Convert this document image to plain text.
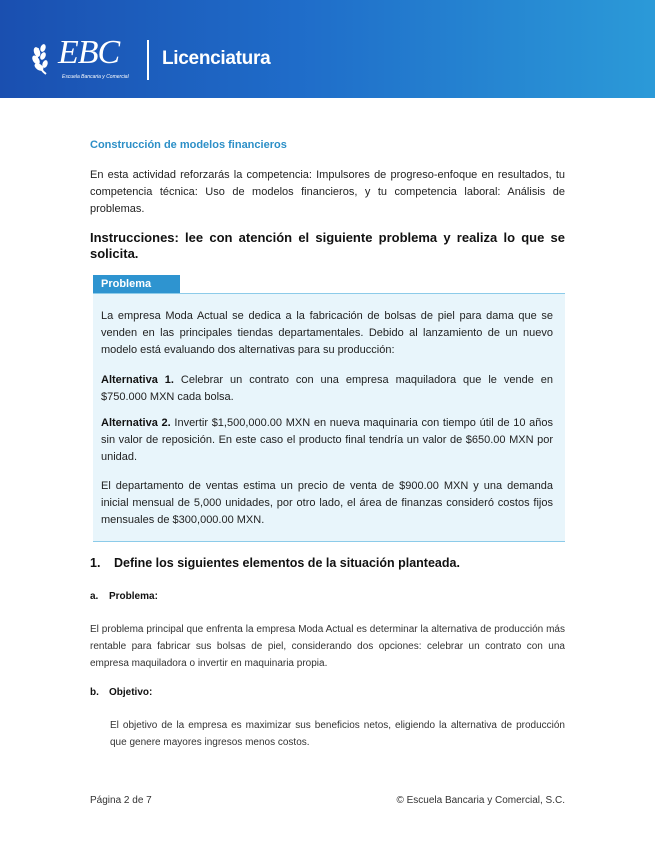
EBC
Escuela Bancaria y Comercial
Licenciatura
Construcción de modelos financieros
En esta actividad reforzarás la competencia: Impulsores de progreso-enfoque en resultados, tu competencia técnica: Uso de modelos financieros, y tu competencia laboral: Análisis de problemas.
Instrucciones: lee con atención el siguiente problema y realiza lo que se solicita.
Problema
La empresa Moda Actual se dedica a la fabricación de bolsas de piel para dama que se venden en las principales tiendas departamentales. Debido al lanzamiento de un nuevo modelo está evaluando dos alternativas para su producción:
Alternativa 1. Celebrar un contrato con una empresa maquiladora que le vende en $750.000 MXN cada bolsa.
Alternativa 2. Invertir $1,500,000.00 MXN en nueva maquinaria con tiempo útil de 10 años sin valor de reposición. En este caso el producto final tendría un valor de $650.00 MXN por unidad.
El departamento de ventas estima un precio de venta de $900.00 MXN y una demanda inicial mensual de 5,000 unidades, por otro lado, el área de finanzas consideró costos fijos mensuales de $300,000.00 MXN.
1. Define los siguientes elementos de la situación planteada.
a. Problema:
El problema principal que enfrenta la empresa Moda Actual es determinar la alternativa de producción más rentable para fabricar sus bolsas de piel, considerando dos opciones: celebrar un contrato con una empresa maquiladora o invertir en maquinaria propia.
b. Objetivo:
El objetivo de la empresa es maximizar sus beneficios netos, eligiendo la alternativa de producción que genere mayores ingresos menos costos.
Página 2 de 7	© Escuela Bancaria y Comercial, S.C.
